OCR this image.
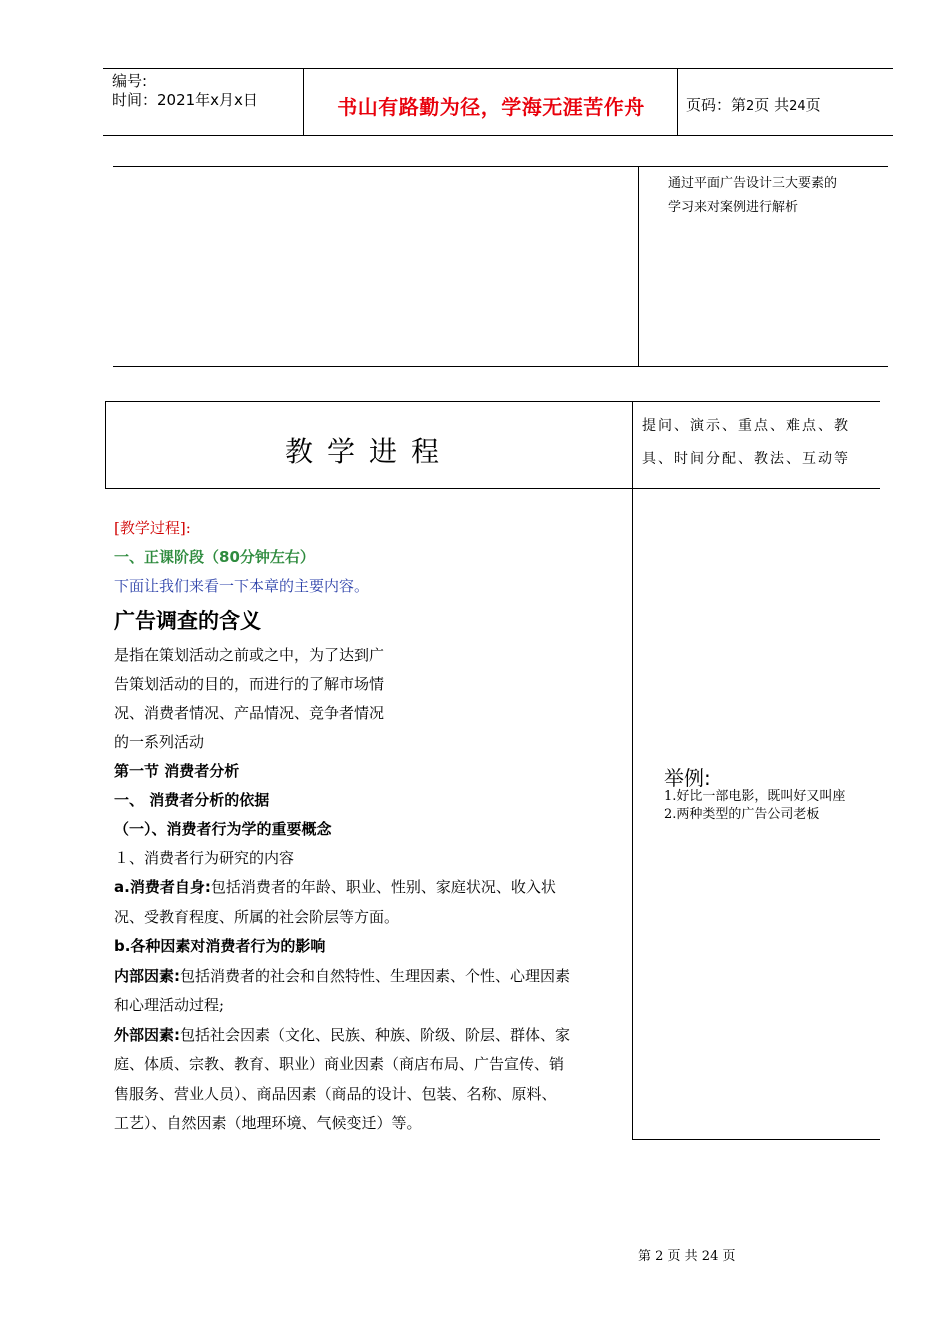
编号:
时间：2021年x月x日	书山有路勤为径，学海无涯苦作舟	页码：第2页 共24页
通过平面广告设计三大要素的
学习来对案例进行解析
教学进程
提问、演示、重点、难点、教
具、时间分配、教法、互动等

[教学过程]:

一、正课阶段（80分钟左右）

下面让我们来看一下本章的主要内容。

广告调查的含义

是指在策划活动之前或之中，为了达到广

告策划活动的目的，而进行的了解市场情

况、消费者情况、产品情况、竞争者情况

的一系列活动

第一节 消费者分析

一、 消费者分析的依据

（一）、消费者行为学的重要概念

１、消费者行为研究的内容

a.消费者自身:包括消费者的年龄、职业、性别、家庭状况、收入状

况、受教育程度、所属的社会阶层等方面。

b.各种因素对消费者行为的影响

内部因素:包括消费者的社会和自然特性、生理因素、个性、心理因素

和心理活动过程;

外部因素:包括社会因素（文化、民族、种族、阶级、阶层、群体、家

庭、体质、宗教、教育、职业）商业因素（商店布局、广告宣传、销

售服务、营业人员）、商品因素（商品的设计、包装、名称、原料、

工艺）、自然因素（地理环境、气候变迁）等。

举例:
1.好比一部电影，既叫好又叫座
2.两种类型的广告公司老板
第 2 页 共 24 页
